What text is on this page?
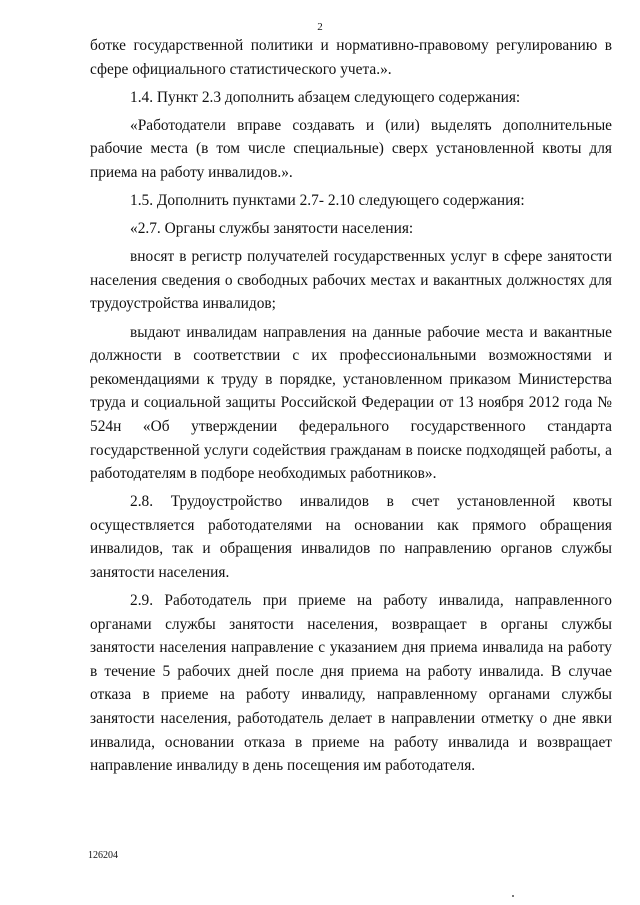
2

ботке государственной политики и нормативно-правовому регулированию в сфере официального статистического учета.».

1.4. Пункт 2.3 дополнить абзацем следующего содержания:

«Работодатели вправе создавать и (или) выделять дополнительные рабочие места (в том числе специальные) сверх установленной квоты для приема на работу инвалидов.».

1.5. Дополнить пунктами 2.7- 2.10 следующего содержания:

«2.7. Органы службы занятости населения:

вносят в регистр получателей государственных услуг в сфере занятости населения сведения о свободных рабочих местах и вакантных должностях для трудоустройства инвалидов;

выдают инвалидам направления на данные рабочие места и вакантные должности в соответствии с их профессиональными возможностями и рекомендациями к труду в порядке, установленном приказом Министерства труда и социальной защиты Российской Федерации от 13 ноября 2012 года № 524н «Об утверждении федерального государственного стандарта государственной услуги содействия гражданам в поиске подходящей работы, а работодателям в подборе необходимых работников».

2.8. Трудоустройство инвалидов в счет установленной квоты осуществляется работодателями на основании как прямого обращения инвалидов, так и обращения инвалидов по направлению органов службы занятости населения.

2.9. Работодатель при приеме на работу инвалида, направленного органами службы занятости населения, возвращает в органы службы занятости населения направление с указанием дня приема инвалида на работу в течение 5 рабочих дней после дня приема на работу инвалида. В случае отказа в приеме на работу инвалиду, направленному органами службы занятости населения, работодатель делает в направлении отметку о дне явки инвалида, основании отказа в приеме на работу инвалида и возвращает направление инвалиду в день посещения им работодателя.

126204
